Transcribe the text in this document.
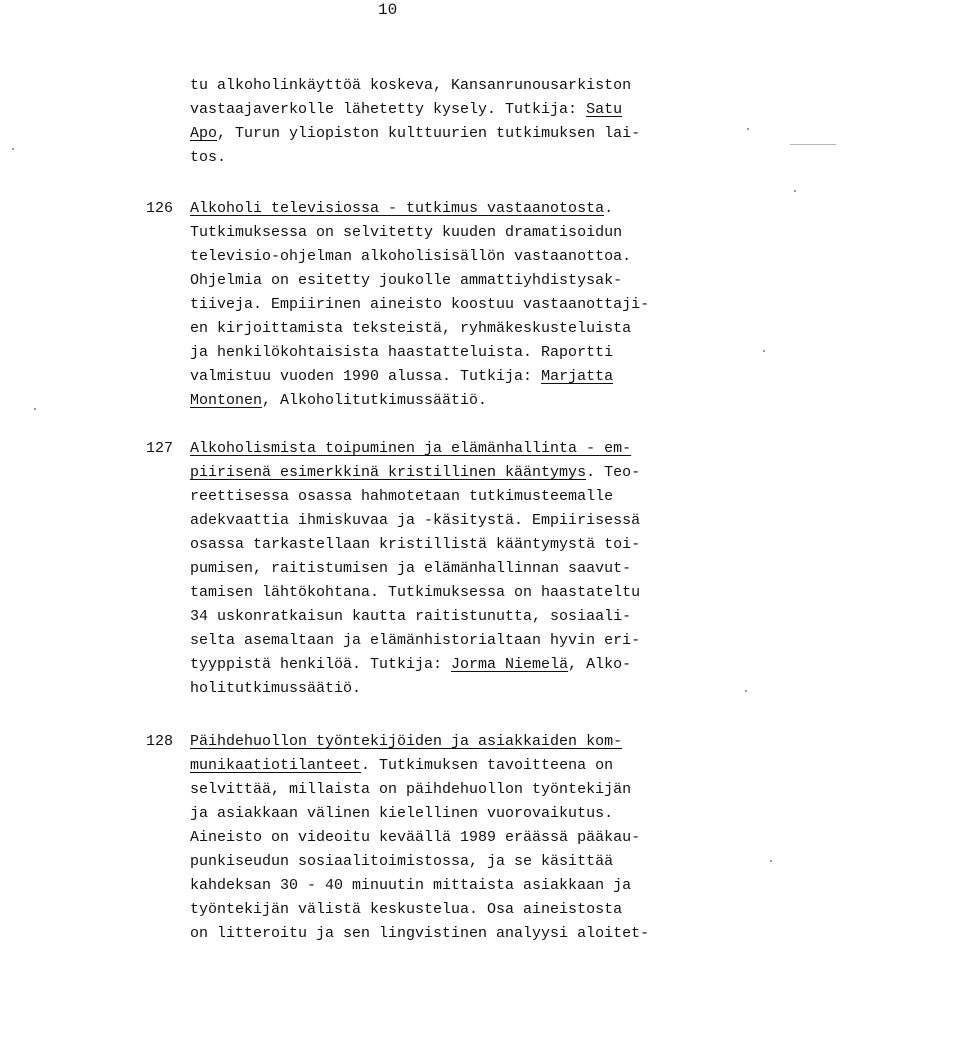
10
tu alkoholinkäyttöä koskeva, Kansanrunousarkiston
vastaajaverkolle lähetetty kysely. Tutkija: Satu
Apo, Turun yliopiston kulttuurien tutkimuksen lai-
tos.
126 Alkoholi televisiossa - tutkimus vastaanotosta.
Tutkimuksessa on selvitetty kuuden dramatisoidun
televisio-ohjelman alkoholisisällön vastaanottoa.
Ohjelmia on esitetty joukolle ammattiyhdistysak-
tiiveja. Empiirinen aineisto koostuu vastaanottaji-
en kirjoittamista teksteistä, ryhmäkeskusteluista
ja henkilökohtaisista haastatteluista. Raportti
valmistuu vuoden 1990 alussa. Tutkija: Marjatta
Montonen, Alkoholitutkimussäätiö.
127 Alkoholismista toipuminen ja elämänhallinta - em-
piirisenä esimerkkinä kristillinen kääntymys. Teo-
reettisessa osassa hahmotetaan tutkimusteemalle
adekvaattia ihmiskuvaa ja -käsitystä. Empiirisessä
osassa tarkastellaan kristillistä kääntymystä toi-
pumisen, raitistumisen ja elämänhallinnan saavut-
tamisen lähtökohtana. Tutkimuksessa on haastateltu
34 uskonratkaisun kautta raitistunutta, sosiaali-
selta asemaltaan ja elämänhistorialtaan hyvin eri-
tyyppistä henkilöä. Tutkija: Jorma Niemelä, Alko-
holitutkimussäätiö.
128 Päihdehuollon työntekijöiden ja asiakkaiden kom-
munikaatiotilanteet. Tutkimuksen tavoitteena on
selvittää, millaista on päihdehuollon työntekijän
ja asiakkaan välinen kielellinen vuorovaikutus.
Aineisto on videoitu keväällä 1989 eräässä pääkau-
punkiseudun sosiaalitoimistossa, ja se käsittää
kahdeksan 30 - 40 minuutin mittaista asiakkaan ja
työntekijän välistä keskustelua. Osa aineistosta
on litteroitu ja sen lingvistinen analyysi aloitet-
